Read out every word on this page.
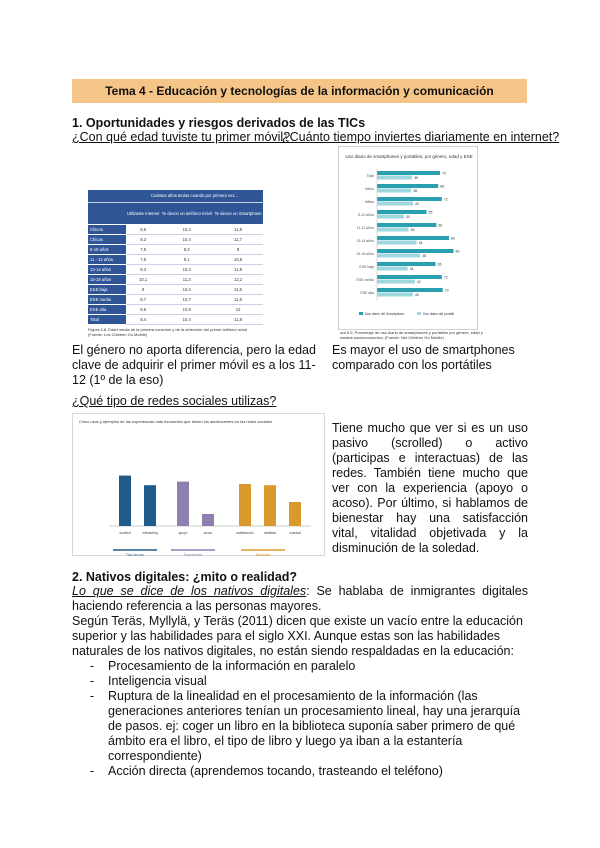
Tema 4 - Educación y tecnologías de la información y comunicación
1. Oportunidades y riesgos derivados de las TICs
¿Con qué edad tuviste tu primer móvil?
¿Cuánto tiempo inviertes diariamente en internet?
	Cuántos años tenías cuando por primera vez...		
	Utilizaste Internet	Te dieron un teléfono móvil	Te dieron un Smartphone
Chicos	8,6	10,4	11,9
Chicas	8,3	10,4	11,7
8-10 años	7,5	8,3	9
11 - 12 años	7,9	9,1	10,6
13-14 años	8,3	10,3	11,9
15-18 años	10,1	11,3	12,2
ESE baja	9	10,4	11,6
ESE media	8,7	10,7	11,6
ESE alta	8,6	10,9	12
Total	8,4	10,4	11,8
Figura 5.8. Edad media de la primera conexión y de la obtención del primer teléfono móvil. (Fuente: Los Children Go Mobile)
Uso diario de smartphones y portátiles, por género, edad y ESE
Total
70
39
Niños
68
38
Niñas
72
40
8-10 años
55
30
11-12 años
66
35
13-14 años
80
44
15-16 años
85
48
ESE baja
65
34
ESE media
72
42
ESE alta
73
40
Uso diario del Smartphone	Uso diario del portátil
ura 5.9. Porcentaje de uso diario de smartphones y portátiles por género, edad y estatus socioeconómico. (Fuente: Net Children Go Mobile)
El género no aporta diferencia, pero la edad clave de adquirir el primer móvil es a los 11-12 (1º de la eso)
Es mayor el uso de smartphones comparado con los portátiles
¿Qué tipo de redes sociales utilizas?
Cinco usos y ejemplos de las experiencias más frecuentes que tienen los adolescentes en las redes sociales
scrolled	interacting	apoyo	acoso	satisfacción	vitalidad	soledad
Tipo de uso	Experiencia	Bienestar
Tiene mucho que ver si es un uso pasivo (scrolled) o activo (participas e interactuas) de las redes. También tiene mucho que ver con la experiencia (apoyo o acoso). Por último, si hablamos de bienestar hay una satisfacción vital, vitalidad objetivada y la disminución de la soledad.
2. Nativos digitales: ¿mito o realidad?
Lo que se dice de los nativos digitales: Se hablaba de inmigrantes digitales haciendo referencia a las personas mayores.
Según Teräs, Myllylä, y Teräs (2011) dicen que existe un vacío entre la educación superior y las habilidades para el siglo XXI. Aunque estas son las habilidades naturales de los nativos digitales, no están siendo respaldadas en la educación:
- Procesamiento de la información en paralelo
- Inteligencia visual
- Ruptura de la linealidad en el procesamiento de la información (las generaciones anteriores tenían un procesamiento lineal, hay una jerarquía de pasos. ej: coger un libro en la biblioteca suponía saber primero de qué ámbito era el libro, el tipo de libro y luego ya iban a la estantería correspondiente)
- Acción directa (aprendemos tocando, trasteando el teléfono)
